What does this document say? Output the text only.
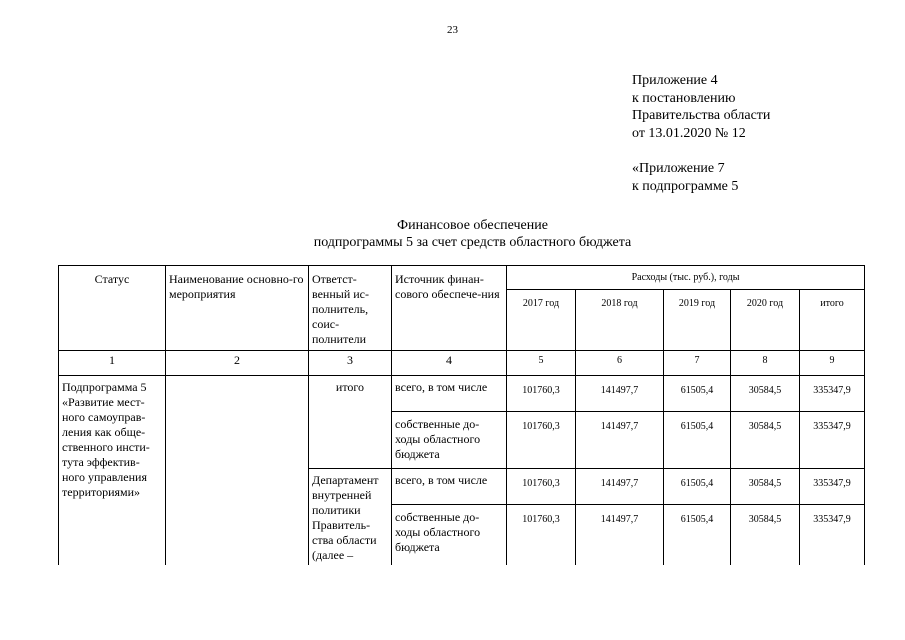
23
Приложение 4
к постановлению
Правительства области
от 13.01.2020 № 12
«Приложение 7
к подпрограмме 5
Финансовое обеспечение
подпрограммы 5 за счет средств областного бюджета
Статус	Наименование основно-го мероприятия	Ответст-венный ис-полнитель, соис-полнители	Источник финан-сового обеспече-ния	Расходы (тыс. руб.), годы				
				2017 год	2018 год	2019 год	2020 год	итого
1	2	3	4	5	6	7	8	9
Подпрограмма 5 «Развитие мест-ного самоуправ-ления как обще-ственного инсти-тута эффектив-ного управления территориями»		итого	всего, в том числе	101760,3	141497,7	61505,4	30584,5	335347,9
			собственные до-ходы областного бюджета	101760,3	141497,7	61505,4	30584,5	335347,9
		Департамент внутренней политики Правитель-ства области (далее –	всего, в том числе	101760,3	141497,7	61505,4	30584,5	335347,9
			собственные до-ходы областного бюджета	101760,3	141497,7	61505,4	30584,5	335347,9
